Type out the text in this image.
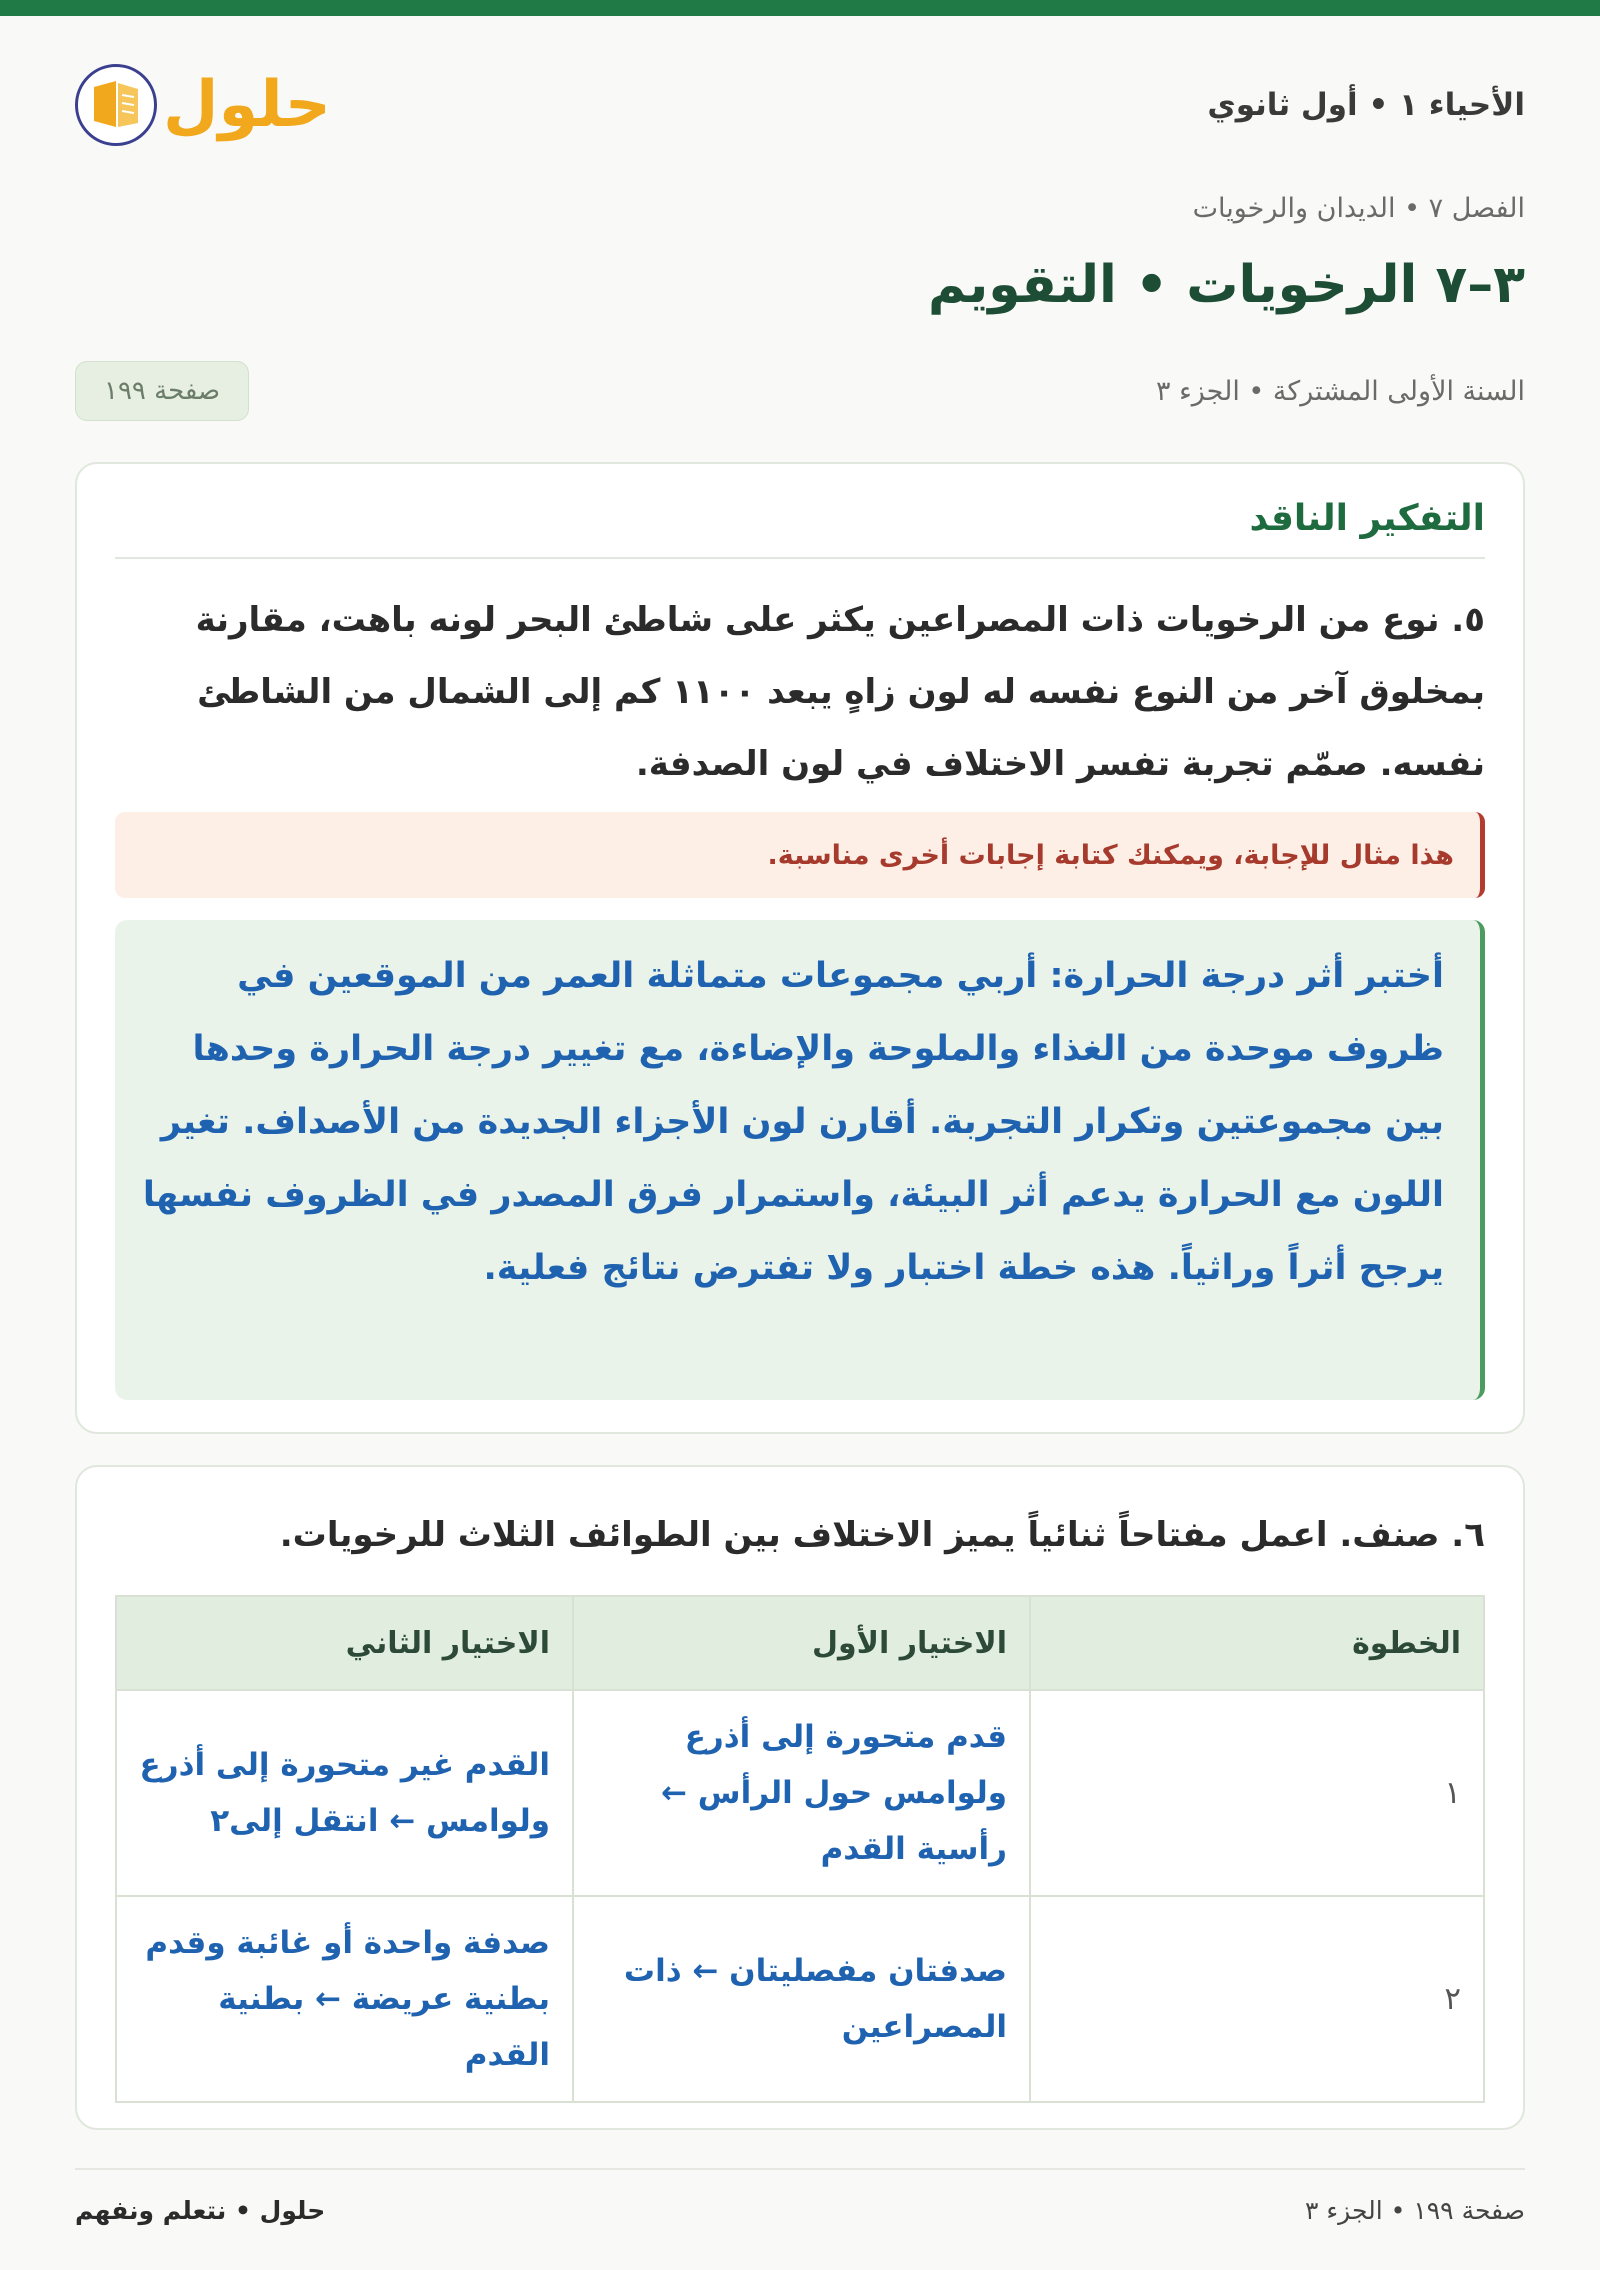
الأحياء ١ • أول ثانوي
حلول
الفصل ٧ • الديدان والرخويات
٣–٧ الرخويات • التقويم
السنة الأولى المشتركة • الجزء ٣
صفحة ١٩٩
التفكير الناقد
٥. نوع من الرخويات ذات المصراعين يكثر على شاطئ البحر لونه باهت، مقارنة بمخلوق آخر من النوع نفسه له لون زاهٍ يبعد ١١٠٠ كم إلى الشمال من الشاطئ نفسه. صمّم تجربة تفسر الاختلاف في لون الصدفة.
هذا مثال للإجابة، ويمكنك كتابة إجابات أخرى مناسبة.
أختبر أثر درجة الحرارة: أربي مجموعات متماثلة العمر من الموقعين في ظروف موحدة من الغذاء والملوحة والإضاءة، مع تغيير درجة الحرارة وحدها بين مجموعتين وتكرار التجربة. أقارن لون الأجزاء الجديدة من الأصداف. تغير اللون مع الحرارة يدعم أثر البيئة، واستمرار فرق المصدر في الظروف نفسها يرجح أثراً وراثياً. هذه خطة اختبار ولا تفترض نتائج فعلية.
٦. صنف. اعمل مفتاحاً ثنائياً يميز الاختلاف بين الطوائف الثلاث للرخويات.
الخطوة	الاختيار الأول	الاختيار الثاني
١	قدم متحورة إلى أذرع ولوامس حول الرأس ← رأسية القدم	القدم غير متحورة إلى أذرع ولوامس ← انتقل إلى٢
٢	صدفتان مفصليتان ← ذات المصراعين	صدفة واحدة أو غائبة وقدم بطنية عريضة ← بطنية القدم
صفحة ١٩٩ • الجزء ٣
حلول • نتعلم ونفهم
